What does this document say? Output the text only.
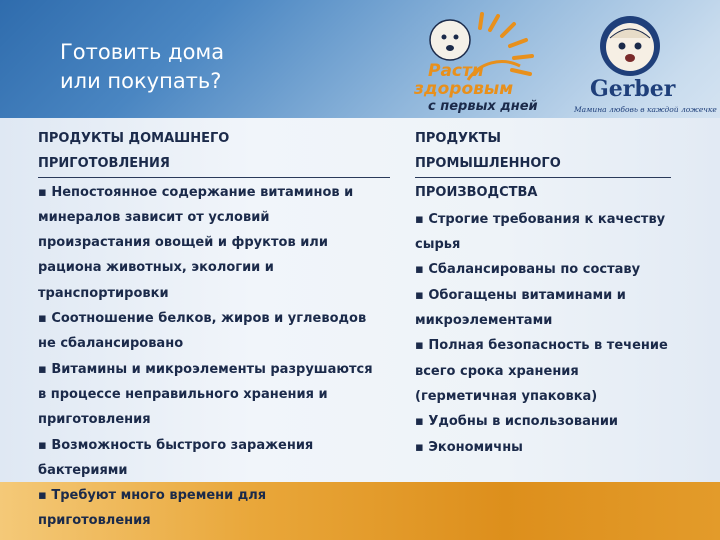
Готовить дома
или покупать?	Расти
здоровым
с первых дней
Gerber
Мамина любовь в каждой ложечке
ПРОДУКТЫ ДОМАШНЕГО
ПРИГОТОВЛЕНИЯ
▪ Непостоянное содержание витаминов и
минералов зависит от условий
произрастания овощей и фруктов или
рациона животных, экологии и
транспортировки
▪ Соотношение белков, жиров и углеводов
не сбалансировано
▪ Витамины и микроэлементы разрушаются
в процессе неправильного хранения и
приготовления
▪ Возможность быстрого заражения
бактериями
▪ Требуют много времени для
приготовления
ПРОДУКТЫ
ПРОМЫШЛЕННОГО
ПРОИЗВОДСТВА
▪ Строгие требования к качеству
сырья
▪ Сбалансированы по составу
▪ Обогащены витаминами и
микроэлементами
▪ Полная безопасность в течение
всего срока хранения
(герметичная упаковка)
▪ Удобны в использовании
▪ Экономичны
